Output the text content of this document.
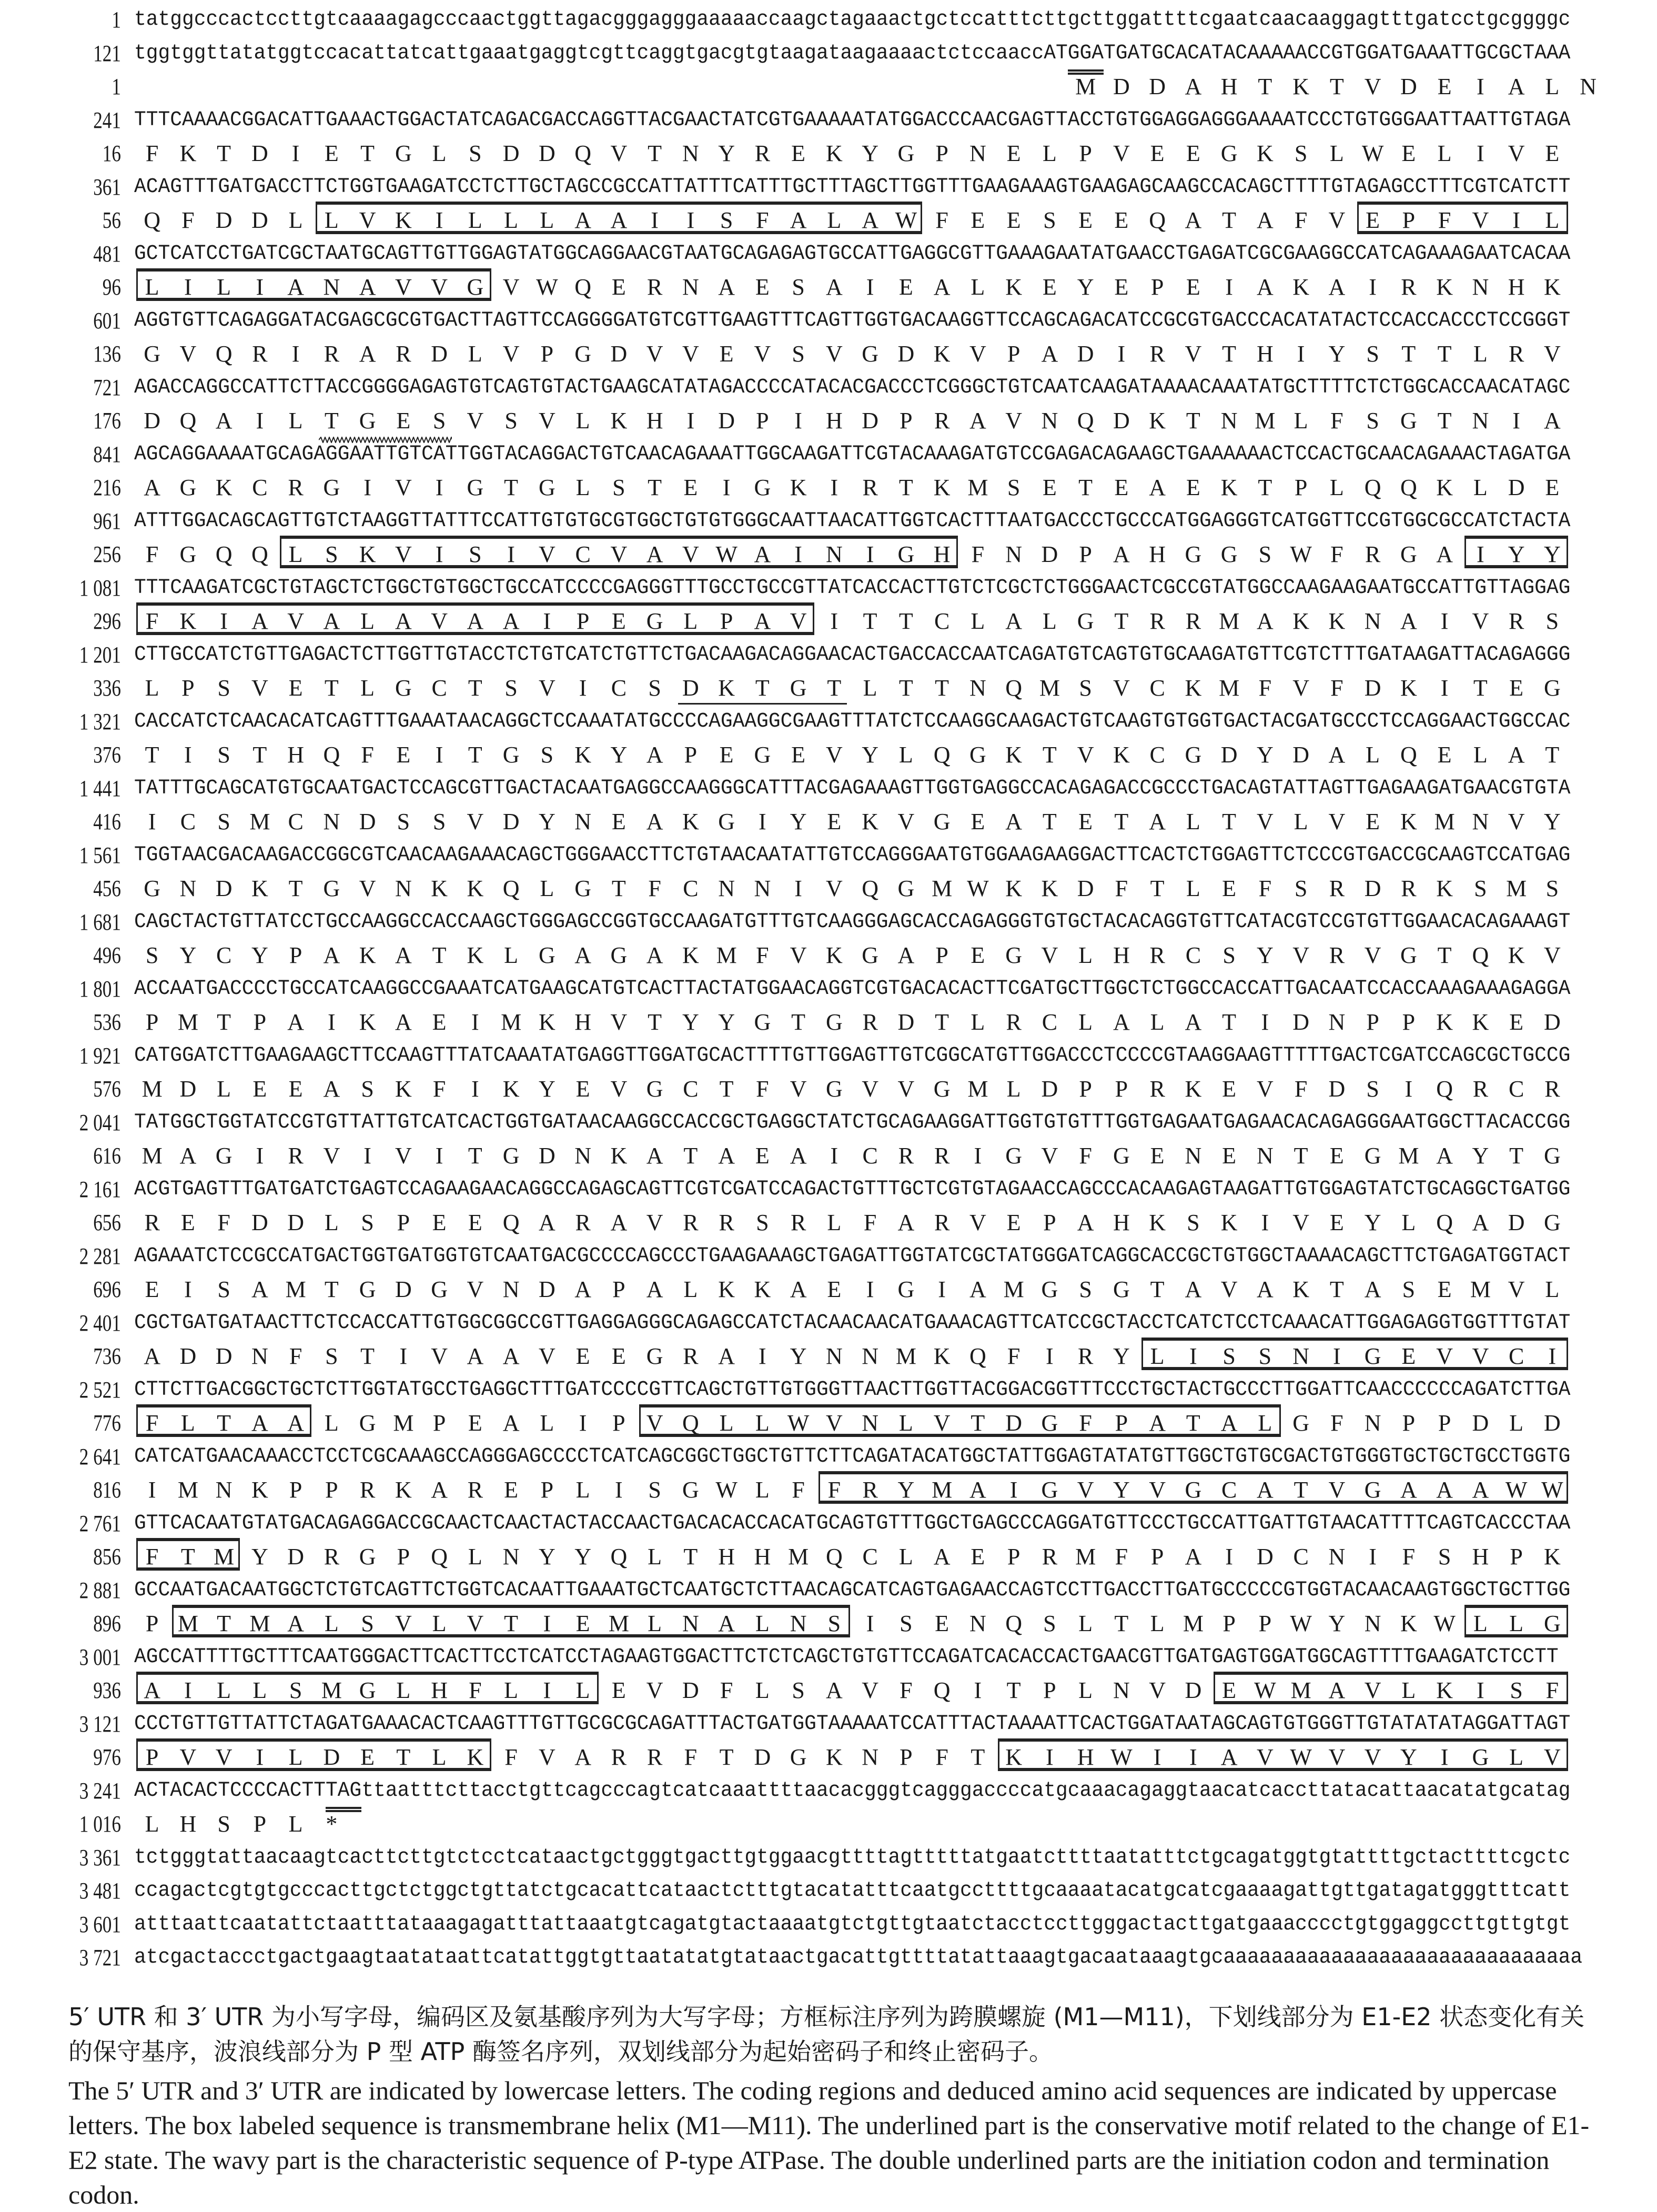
1 tatggcccactccttgtcaaaagagcccaactggttagacgggagggaaaaaccaagctagaaactgctccatttcttgcttggattttcgaatcaacaaggagtttgatcctgcggggc
121 tggtggttatatggtccacattatcattgaaatgaggtcgttcaggtgacgtgtaagataagaaaactctccaaccATGGATGATGCACATACAAAAACCGTGGATGAAATTGCGCTAAA
1	M D D A H T K T V D E	I	A L N
241 TTTCAAAACGGACATTGAAACTGGACTATCAGACGACCAGGTTACGAACTATCGTGAAAAATATGGACCCAACGAGTTACCTGTGGAGGAGGGAAAATCCCTGTGGGAATTAATTGTAGA
16	F K T D	I	E T G L S D D Q V T N Y R E K Y G P N E L P V E E G K S L W E L	I	V E
361 ACAGTTTGATGACCTTCTGGTGAAGATCCTCTTGCTAGCCGCCATTATTTCATTTGCTTTAGCTTGGTTTGAAGAAAGTGAAGAGCAAGCCACAGCTTTTGTAGAGCCTTTCGTCATCTT
56 Q F D D L L V K	I	L L L A A	I	I	S F A L A W F E E S E E Q A T A F V E P F V	I	L
481 GCTCATCCTGATCGCTAATGCAGTTGTTGGAGTATGGCAGGAACGTAATGCAGAGAGTGCCATTGAGGCGTTGAAAGAATATGAACCTGAGATCGCGAAGGCCATCAGAAAGAATCACAA
96	L	I	L	I	A N A V V G V W Q E R N A E S A	I	E A L K E Y E P E	I	A K A	I	R K N H K
601 AGGTGTTCAGAGGATACGAGCGCGTGACTTAGTTCCAGGGGATGTCGTTGAAGTTTCAGTTGGTGACAAGGTTCCAGCAGACATCCGCGTGACCCACATATACTCCACCACCCTCCGGGT
136 G V Q R	I	R A R D L V P G D V V E V S V G D K V P A D	I	R V T H	I	Y S T T L R V
721 AGACCAGGCCATTCTTACCGGGGAGAGTGTCAGTGTACTGAAGCATATAGACCCCATACACGACCCTCGGGCTGTCAATCAAGATAAAACAAATATGCTTTTCTCTGGCACCAACATAGC
176 D Q A	I	L T G E S V S V L K H	I	D P	I	H D P R A V N Q D K T N M L F S G T N	I	A
841 AGCAGGAAAATGCAGAGGAATTGTCATTGGTACAGGACTGTCAACAGAAATTGGCAAGATTCGTACAAAGATGTCCGAGACAGAAGCTGAAAAAACTCCACTGCAACAGAAACTAGATGA
216 A G K C R G	I	V	I	G T G L S T E	I	G K	I	R T K M S E T E A E K T P L Q Q K L D E
961 ATTTGGACAGCAGTTGTCTAAGGTTATTTCCATTGTGTGCGTGGCTGTGTGGGCAATTAACATTGGTCACTTTAATGACCCTGCCCATGGAGGGTCATGGTTCCGTGGCGCCATCTACTA
256	F G Q Q L S K V	I	S	I	V C V A V W A	I	N	I	G H F N D P A H G G S W F R G A	I	Y Y
1 081 TTTCAAGATCGCTGTAGCTCTGGCTGTGGCTGCCATCCCCGAGGGTTTGCCTGCCGTTATCACCACTTGTCTCGCTCTGGGAACTCGCCGTATGGCCAAGAAGAATGCCATTGTTAGGAG
296	F K	I	A V A L A V A A	I	P E G L P A V	I	T T C L A L G T R R M A K K N A	I	V R S
1 201 CTTGCCATCTGTTGAGACTCTTGGTTGTACCTCTGTCATCTGTTCTGACAAGACAGGAACACTGACCACCAATCAGATGTCAGTGTGCAAGATGTTCGTCTTTGATAAGATTACAGAGGG
336	L P S V E T L G C T S V	I	C S D K T G T L T T N Q M S V C K M F V F D K	I	T E G
1 321 CACCATCTCAACACATCAGTTTGAAATAACAGGCTCCAAATATGCCCCAGAAGGCGAAGTTTATCTCCAAGGCAAGACTGTCAAGTGTGGTGACTACGATGCCCTCCAGGAACTGGCCAC
376	T	I	S T H Q F E	I	T G S K Y A P E G E V Y L Q G K T V K C G D Y D A L Q E L A T
1 441 TATTTGCAGCATGTGCAATGACTCCAGCGTTGACTACAATGAGGCCAAGGGCATTTACGAGAAAGTTGGTGAGGCCACAGAGACCGCCCTGACAGTATTAGTTGAGAAGATGAACGTGTA
416	I	C S M C N D S S V D Y N E A K G	I	Y E K V G E A T E T A L T V L V E K M N V Y
1 561 TGGTAACGACAAGACCGGCGTCAACAAGAAACAGCTGGGAACCTTCTGTAACAATATTGTCCAGGGAATGTGGAAGAAGGACTTCACTCTGGAGTTCTCCCGTGACCGCAAGTCCATGAG
456 G N D K T G V N K K Q L G T F C N N	I	V Q G M W K K D F T L E F S R D R K S M S
1 681 CAGCTACTGTTATCCTGCCAAGGCCACCAAGCTGGGAGCCGGTGCCAAGATGTTTGTCAAGGGAGCACCAGAGGGTGTGCTACACAGGTGTTCATACGTCCGTGTTGGAACACAGAAAGT
496	S Y C Y P A K A T K L G A G A K M F V K G A P E G V L H R C S Y V R V G T Q K V
1 801 ACCAATGACCCCTGCCATCAAGGCCGAAATCATGAAGCATGTCACTTACTATGGAACAGGTCGTGACACACTTCGATGCTTGGCTCTGGCCACCATTGACAATCCACCAAAGAAAGAGGA
536	P M T P A	I	K A E	I M K H V T Y Y G T G R D T L R C L A L A T	I	D N P P K K E D
1 921 CATGGATCTTGAAGAAGCTTCCAAGTTTATCAAATATGAGGTTGGATGCACTTTTGTTGGAGTTGTCGGCATGTTGGACCCTCCCCGTAAGGAAGTTTTTGACTCGATCCAGCGCTGCCG
576 M D L E E A S K F	I	K Y E V G C T F V G V V G M L D P P R K E V F D S	I	Q R C R
2 041 TATGGCTGGTATCCGTGTTATTGTCATCACTGGTGATAACAAGGCCACCGCTGAGGCTATCTGCAGAAGGATTGGTGTGTTTGGTGAGAATGAGAACACAGAGGGAATGGCTTACACCGG
616 M A G	I	R V	I	V	I	T G D N K A T A E A	I	C R R	I	G V F G E N E N T E G M A Y T G
2 161 ACGTGAGTTTGATGATCTGAGTCCAGAAGAACAGGCCAGAGCAGTTCGTCGATCCAGACTGTTTGCTCGTGTAGAACCAGCCCACAAGAGTAAGATTGTGGAGTATCTGCAGGCTGATGG
656	R E F D D L S P E E Q A R A V R R S R L F A R V E P A H K S K	I	V E Y L Q A D G
2 281 AGAAATCTCCGCCATGACTGGTGATGGTGTCAATGACGCCCCAGCCCTGAAGAAAGCTGAGATTGGTATCGCTATGGGATCAGGCACCGCTGTGGCTAAAACAGCTTCTGAGATGGTACT
696	E	I	S A M T G D G V N D A P A L K K A E	I	G	I	A M G S G T A V A K T A S E M V L
2 401 CGCTGATGATAACTTCTCCACCATTGTGGCGGCCGTTGAGGAGGGCAGAGCCATCTACAACAACATGAAACAGTTCATCCGCTACCTCATCTCCTCAAACATTGGAGAGGTGGTTTGTAT
736 A D D N F S T	I	V A A V E E G R A	I	Y N N M K Q F	I	R Y L	I	S S N	I	G E V V C	I
2 521 CTTCTTGACGGCTGCTCTTGGTATGCCTGAGGCTTTGATCCCCGTTCAGCTGTTGTGGGTTAACTTGGTTACGGACGGTTTCCCTGCTACTGCCCTTGGATTCAACCCCCCAGATCTTGA
776	F L T A A L G M P E A L	I	P V Q L L W V N L V T D G F P A T A L G F N P P D L D
2 641 CATCATGAACAAACCTCCTCGCAAAGCCAGGGAGCCCCTCATCAGCGGCTGGCTGTTCTTCAGATACATGGCTATTGGAGTATATGTTGGCTGTGCGACTGTGGGTGCTGCTGCCTGGTG
816	I M N K P P R K A R E P L	I	S G W L F F R Y M A	I	G V Y V G C A T V G A A A W W
2 761 GTTCACAATGTATGACAGAGGACCGCAACTCAACTACTACCAACTGACACACCACATGCAGTGTTTGGCTGAGCCCAGGATGTTCCCTGCCATTGATTGTAACATTTTCAGTCACCCTAA
856	F T M Y D R G P Q L N Y Y Q L T H H M Q C L A E P R M F P A	I	D C N	I	F S H P K
2 881 GCCAATGACAATGGCTCTGTCAGTTCTGGTCACAATTGAAATGCTCAATGCTCTTAACAGCATCAGTGAGAACCAGTCCTTGACCTTGATGCCCCCGTGGTACAACAAGTGGCTGCTTGG
896	P M T M A L S V L V T	I	E M L N A L N S	I	S E N Q S L T L M P P W Y N K W L L G
3 001 AGCCATTTTGCTTTCAATGGGACTTCACTTCCTCATCCTAGAAGTGGACTTCTCTCAGCTGTGTTCCAGATCACACCACTGAACGTTGATGAGTGGATGGCAGTTTTGAAGATCTCCTT
936 A	I	L L S M G L H F L	I	L E V D F L S A V F Q	I	T P L N V D E W M A V L K	I	S F
3 121 CCCTGTTGTTATTCTAGATGAAACACTCAAGTTTGTTGCGCGCAGATTTACTGATGGTAAAAATCCATTTACTAAAATTCACTGGATAATAGCAGTGTGGGTTGTATATATAGGATTAGT
976	P V V	I	L D E T L K F V A R R F T D G K N P F T K	I	H W I	I	A V W V V Y	I	G L V
3 241 ACTACACTCCCCACTTTAGttaatttcttacctgttcagcccagtcatcaaattttaacacgggtcagggaccccatgcaaacagaggtaacatcaccttatacattaacatatgcatag
1 016	L H S P L *
3 361 tctgggtattaacaagtcacttcttgtctcctcataactgctgggtgacttgtggaacgttttagtttttatgaatcttttaatatttctgcagatggtgtattttgctacttttcgctc
3 481 ccagactcgtgtgcccacttgctctggctgttatctgcacattcataactctttgtacatatttcaatgccttttgcaaaatacatgcatcgaaaagattgttgatagatgggtttcatt
3 601 atttaattcaatattctaatttataaagagatttattaaatgtcagatgtactaaaatgtctgttgtaatctacctccttgggactacttgatgaaacccctgtggaggccttgttgtgt
3 721 atcgactaccctgactgaagtaatataattcatattggtgttaatatatgtataactgacattgttttatattaaagtgacaataaagtgcaaaaaaaaaaaaaaaaaaaaaaaaaaaaaa
5′ UTR 和 3′ UTR 为小写字母，编码区及氨基酸序列为大写字母；方框标注序列为跨膜螺旋 (M1—M11)，下划线部分为 E1-E2 状态变化有关的保守基序，波浪线部分为 P 型 ATP 酶签名序列，双划线部分为起始密码子和终止密码子。
The 5′ UTR and 3′ UTR are indicated by lowercase letters. The coding regions and deduced amino acid sequences are indicated by uppercase letters. The box labeled sequence is transmembrane helix (M1—M11). The underlined part is the conservative motif related to the change of E1-E2 state. The wavy part is the characteristic sequence of P-type ATPase. The double underlined parts are the initiation codon and termination codon.
